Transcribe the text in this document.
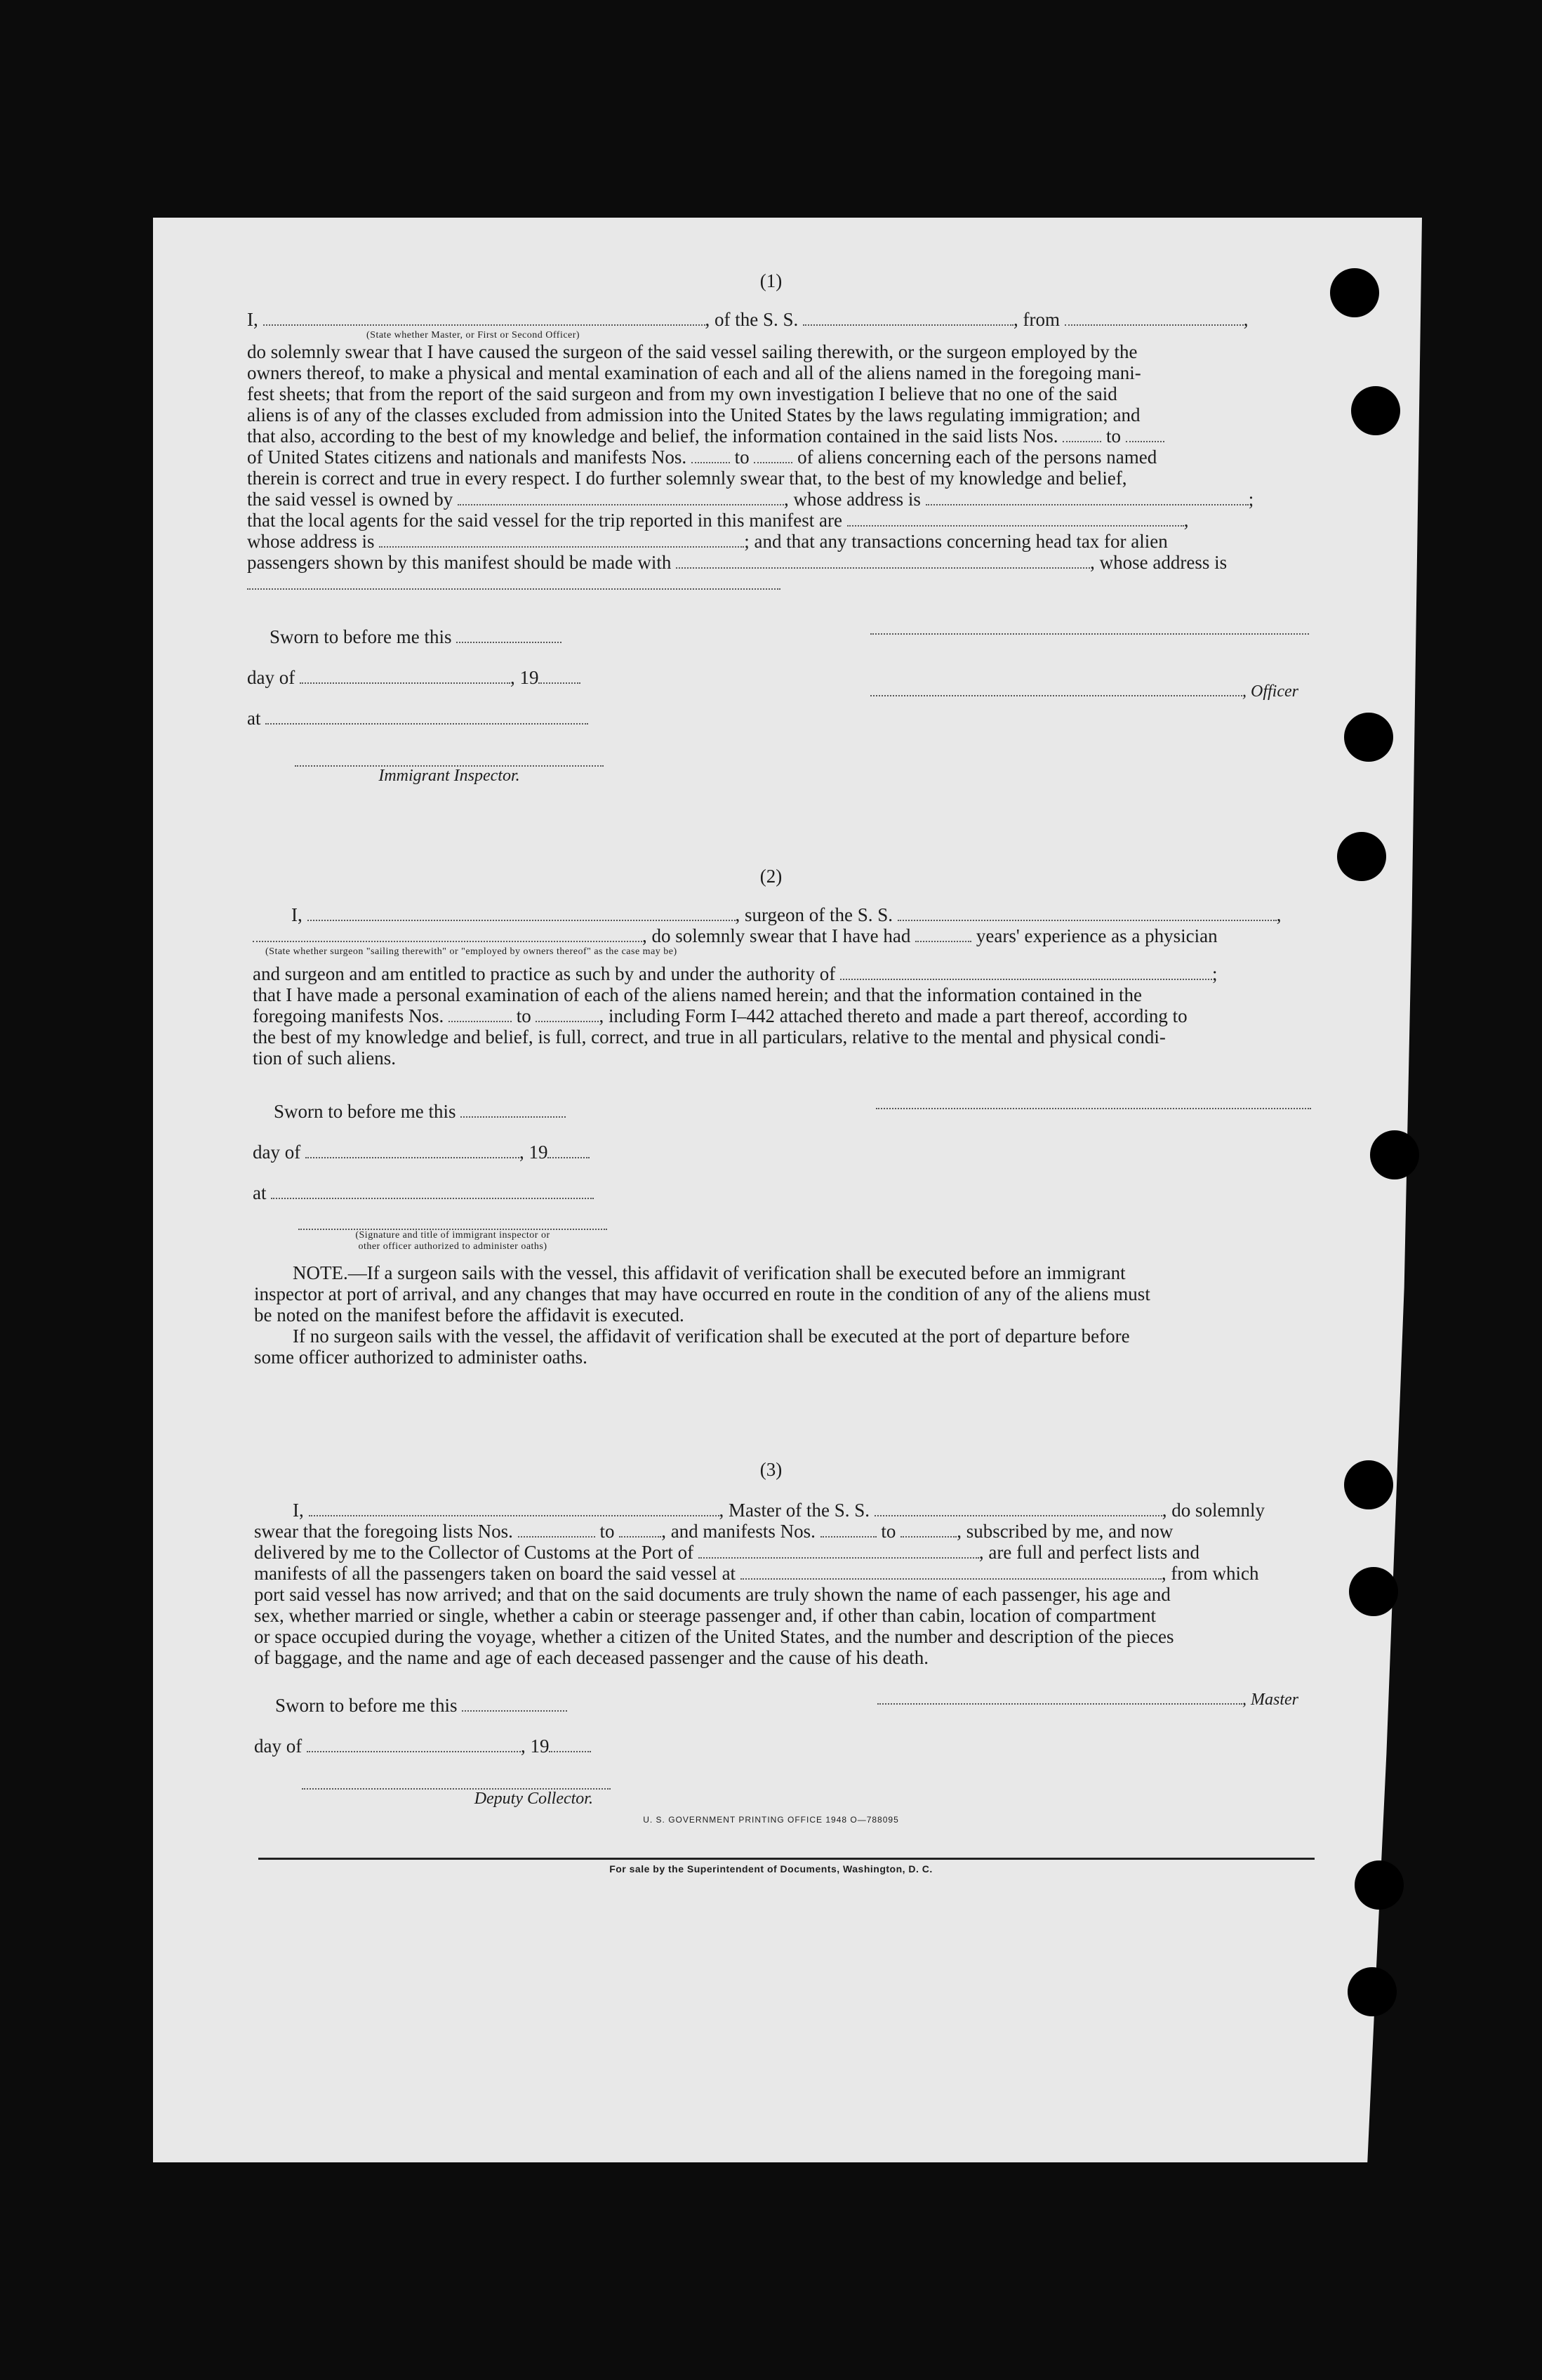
(1)
I,	, of the S. S.	, from	,
(State whether Master, or First or Second Officer)
do solemnly swear that I have caused the surgeon of the said vessel sailing therewith, or the surgeon employed by the
owners thereof, to make a physical and mental examination of each and all of the aliens named in the foregoing mani-
fest sheets; that from the report of the said surgeon and from my own investigation I believe that no one of the said
aliens is of any of the classes excluded from admission into the United States by the laws regulating immigration; and
that also, according to the best of my knowledge and belief, the information contained in the said lists Nos.	to
of United States citizens and nationals and manifests Nos.	to	of aliens concerning each of the persons named
therein is correct and true in every respect. I do further solemnly swear that, to the best of my knowledge and belief,
the said vessel is owned by	, whose address is	;
that the local agents for the said vessel for the trip reported in this manifest are	,
whose address is	; and that any transactions concerning head tax for alien
passengers shown by this manifest should be made with	, whose address is
Sworn to before me this
day of	, 19
at
Immigrant Inspector.
, Officer
(2)
I,	, surgeon of the S. S.	,
, do solemnly swear that I have had	years' experience as a physician
(State whether surgeon "sailing therewith" or "employed by owners thereof" as the case may be)
and surgeon and am entitled to practice as such by and under the authority of	;
that I have made a personal examination of each of the aliens named herein; and that the information contained in the
foregoing manifests Nos.	to	, including Form I–442 attached thereto and made a part thereof, according to
the best of my knowledge and belief, is full, correct, and true in all particulars, relative to the mental and physical condi-
tion of such aliens.
Sworn to before me this
day of	, 19
at
(Signature and title of immigrant inspector or
other officer authorized to administer oaths)
NOTE.—If a surgeon sails with the vessel, this affidavit of verification shall be executed before an immigrant
inspector at port of arrival, and any changes that may have occurred en route in the condition of any of the aliens must
be noted on the manifest before the affidavit is executed.
If no surgeon sails with the vessel, the affidavit of verification shall be executed at the port of departure before
some officer authorized to administer oaths.
(3)
I,	, Master of the S. S.	, do solemnly
swear that the foregoing lists Nos.	to , and manifests Nos.	to	, subscribed by me, and now
delivered by me to the Collector of Customs at the Port of	, are full and perfect lists and
manifests of all the passengers taken on board the said vessel at	, from which
port said vessel has now arrived; and that on the said documents are truly shown the name of each passenger, his age and
sex, whether married or single, whether a cabin or steerage passenger and, if other than cabin, location of compartment
or space occupied during the voyage, whether a citizen of the United States, and the number and description of the pieces
of baggage, and the name and age of each deceased passenger and the cause of his death.
Sworn to before me this
day of	, 19
, Master
Deputy Collector.
U. S. GOVERNMENT PRINTING OFFICE 1948 O—788095
For sale by the Superintendent of Documents, Washington, D. C.
